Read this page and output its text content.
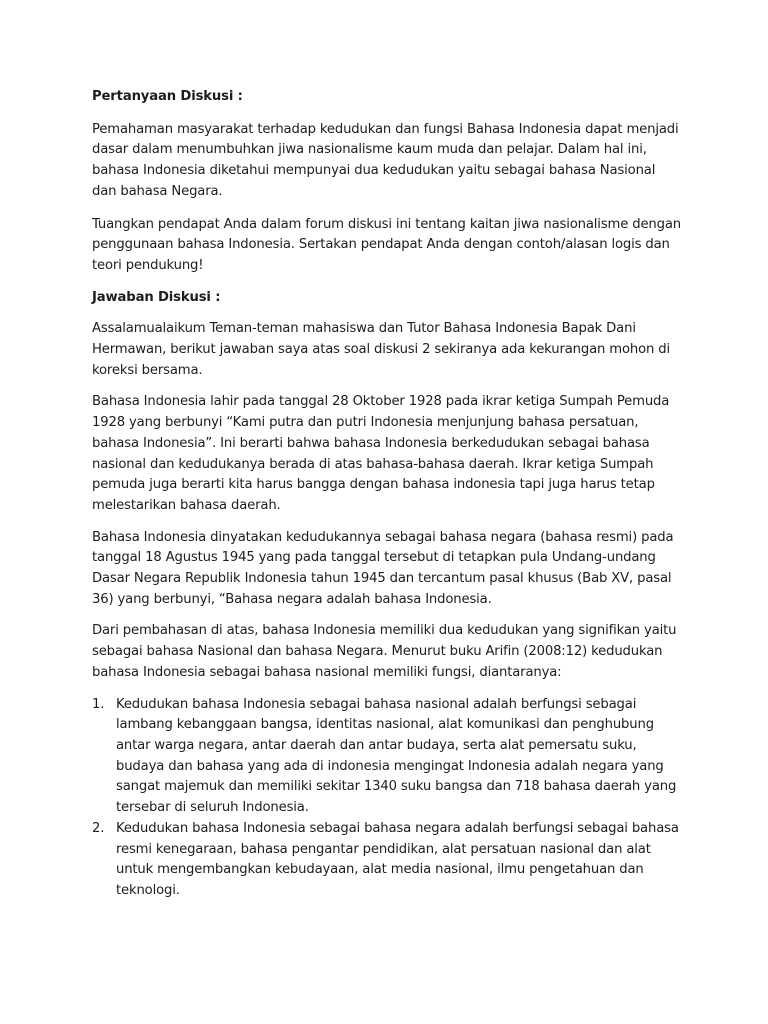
Pertanyaan Diskusi :

Pemahaman masyarakat terhadap kedudukan dan fungsi Bahasa Indonesia dapat menjadi dasar dalam menumbuhkan jiwa nasionalisme kaum muda dan pelajar. Dalam hal ini, bahasa Indonesia diketahui mempunyai dua kedudukan yaitu sebagai bahasa Nasional dan bahasa Negara.

Tuangkan pendapat Anda dalam forum diskusi ini tentang kaitan jiwa nasionalisme dengan penggunaan bahasa Indonesia. Sertakan pendapat Anda dengan contoh/alasan logis dan teori pendukung!

Jawaban Diskusi :

Assalamualaikum Teman-teman mahasiswa dan Tutor Bahasa Indonesia Bapak Dani Hermawan, berikut jawaban saya atas soal diskusi 2 sekiranya ada kekurangan mohon di koreksi bersama.

Bahasa Indonesia lahir pada tanggal 28 Oktober 1928 pada ikrar ketiga Sumpah Pemuda 1928 yang berbunyi “Kami putra dan putri Indonesia menjunjung bahasa persatuan, bahasa Indonesia”. Ini berarti bahwa bahasa Indonesia berkedudukan sebagai bahasa nasional dan kedudukanya berada di atas bahasa-bahasa daerah. Ikrar ketiga Sumpah pemuda juga berarti kita harus bangga dengan bahasa indonesia tapi juga harus tetap melestarikan bahasa daerah.

Bahasa Indonesia dinyatakan kedudukannya sebagai bahasa negara (bahasa resmi) pada tanggal 18 Agustus 1945 yang pada tanggal tersebut di tetapkan pula Undang-undang Dasar Negara Republik Indonesia tahun 1945 dan tercantum pasal khusus (Bab XV, pasal 36) yang berbunyi, “Bahasa negara adalah bahasa Indonesia.

Dari pembahasan di atas, bahasa Indonesia memiliki dua kedudukan yang signifikan yaitu sebagai bahasa Nasional dan bahasa Negara. Menurut buku Arifin (2008:12) kedudukan bahasa Indonesia sebagai bahasa nasional memiliki fungsi, diantaranya:

1. Kedudukan bahasa Indonesia sebagai bahasa nasional adalah berfungsi sebagai lambang kebanggaan bangsa, identitas nasional, alat komunikasi dan penghubung antar warga negara, antar daerah dan antar budaya, serta alat pemersatu suku, budaya dan bahasa yang ada di indonesia mengingat Indonesia adalah negara yang sangat majemuk dan memiliki sekitar 1340 suku bangsa dan 718 bahasa daerah yang tersebar di seluruh Indonesia.
2. Kedudukan bahasa Indonesia sebagai bahasa negara adalah berfungsi sebagai bahasa resmi kenegaraan, bahasa pengantar pendidikan, alat persatuan nasional dan alat untuk mengembangkan kebudayaan, alat media nasional, ilmu pengetahuan dan teknologi.
